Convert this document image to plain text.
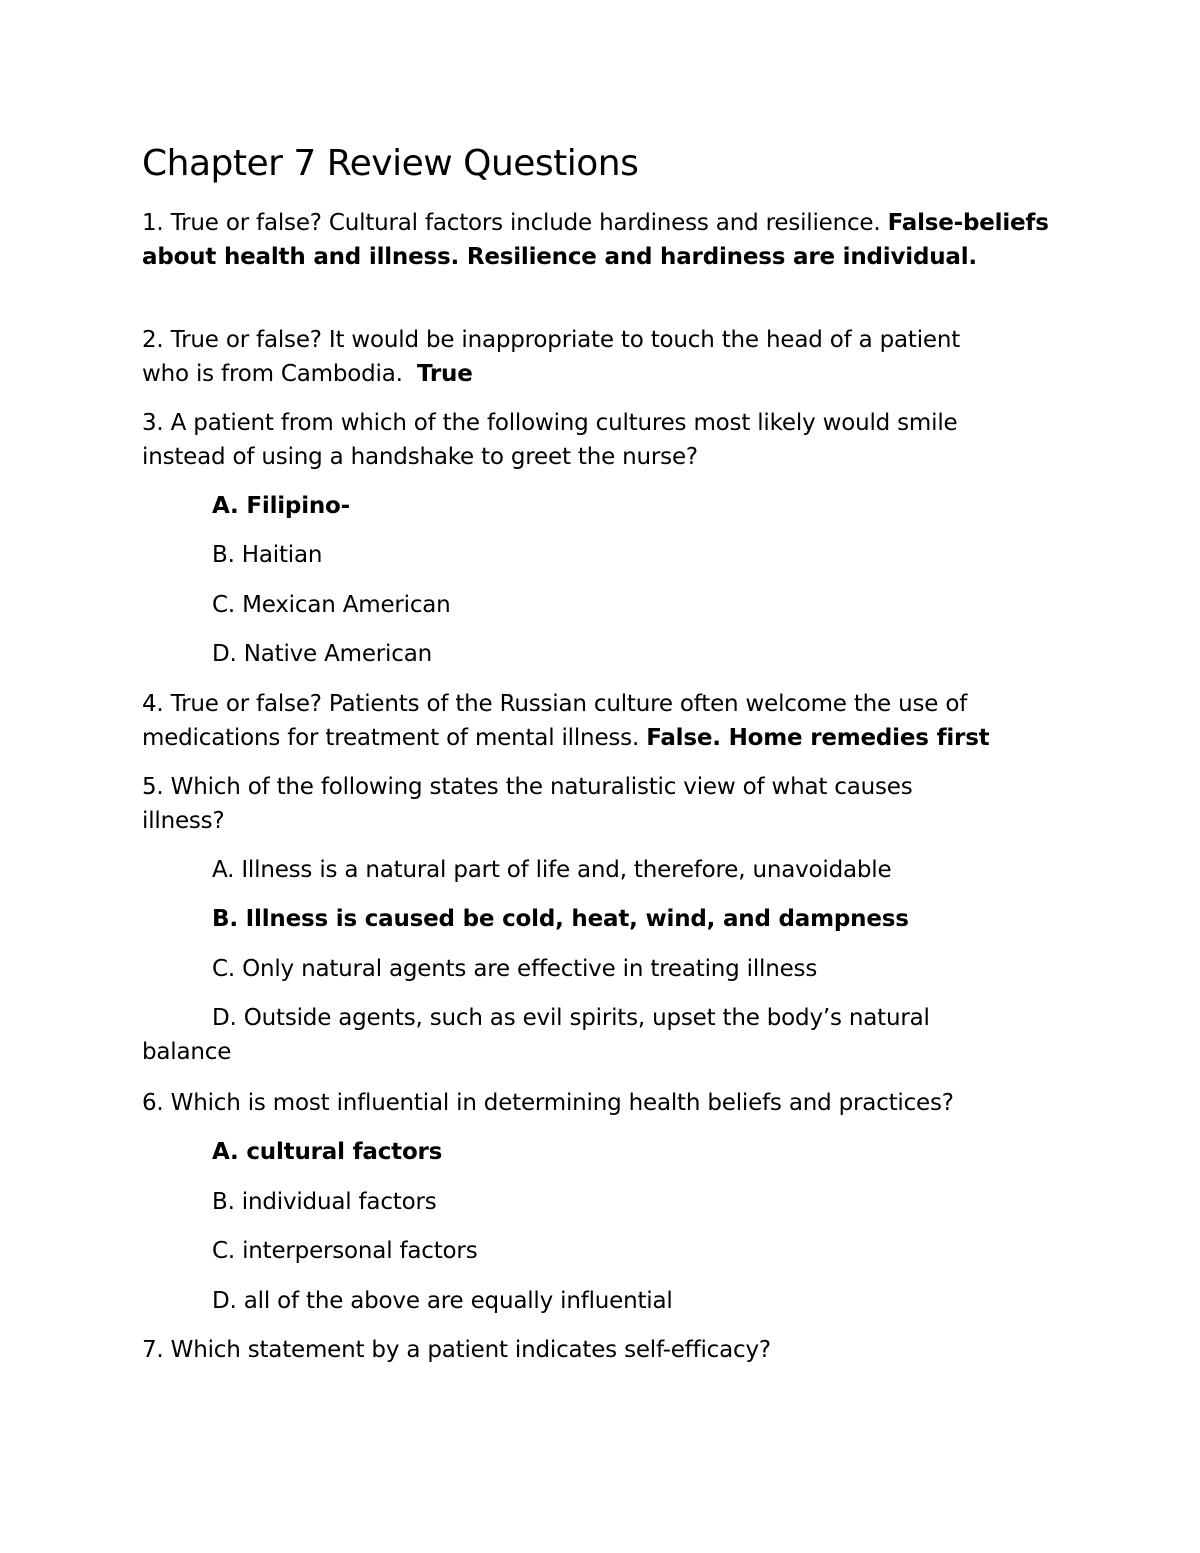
Chapter 7 Review Questions

1. True or false? Cultural factors include hardiness and resilience. False-beliefs about health and illness. Resilience and hardiness are individual.

2. True or false? It would be inappropriate to touch the head of a patient
who is from Cambodia.  True

3. A patient from which of the following cultures most likely would smile
instead of using a handshake to greet the nurse?

A. Filipino-

B. Haitian

C. Mexican American

D. Native American

4. True or false? Patients of the Russian culture often welcome the use of
medications for treatment of mental illness. False. Home remedies first

5. Which of the following states the naturalistic view of what causes
illness?

A. Illness is a natural part of life and, therefore, unavoidable

B. Illness is caused be cold, heat, wind, and dampness

C. Only natural agents are effective in treating illness

D. Outside agents, such as evil spirits, upset the body’s natural

balance

6. Which is most influential in determining health beliefs and practices?

A. cultural factors

B. individual factors

C. interpersonal factors

D. all of the above are equally influential

7. Which statement by a patient indicates self-efficacy?
